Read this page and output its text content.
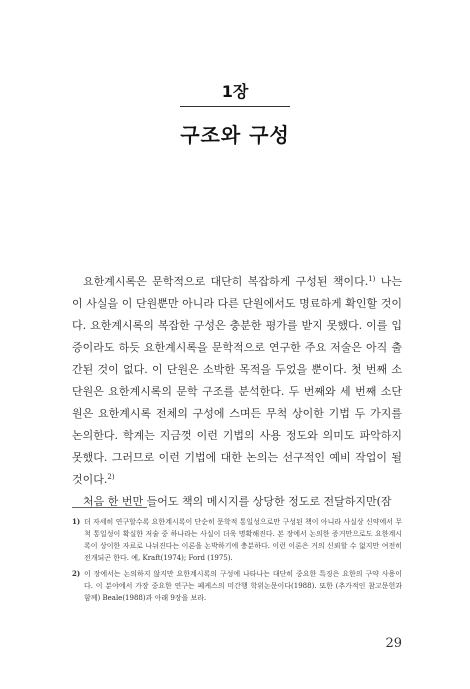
1장
구조와 구성

요한계시록은 문학적으로 대단히 복잡하게 구성된 책이다.$^{1)}$ 나는 이 사실을 이 단원뿐만 아니라 다른 단원에서도 명료하게 확인할 것이다. 요한계시록의 복잡한 구성은 충분한 평가를 받지 못했다. 이를 입증이라도 하듯 요한계시록을 문학적으로 연구한 주요 저술은 아직 출간된 것이 없다. 이 단원은 소박한 목적을 두었을 뿐이다. 첫 번째 소단원은 요한계시록의 문학 구조를 분석한다. 두 번째와 세 번째 소단원은 요한계시록 전체의 구성에 스며든 무척 상이한 기법 두 가지를 논의한다. 학계는 지금껏 이런 기법의 사용 정도와 의미도 파악하지 못했다. 그러므로 이런 기법에 대한 논의는 선구적인 예비 작업이 될 것이다.$^{2)}$

처음 한 번만 들어도 책의 메시지를 상당한 정도로 전달하지만(잠

1) 더 자세히 연구할수록 요한계시록이 단순히 문학적 통일성으로만 구성된 책이 아니라 사실상 신약에서 무척 통일성이 확실한 저술 중 하나라는 사실이 더욱 명확해진다. 본 장에서 논의한 증거만으로도 요한계시록이 상이한 자료로 나뉘진다는 이론을 논박하기에 충분하다. 이런 이론은 거의 신뢰할 수 없지만 여전히 전개되곤 한다. 예, Kraft(1974); Ford (1975).
2) 이 장에서는 논의하지 않지만 요한계시록의 구성에 나타나는 대단히 중요한 특징은 요한의 구약 사용이다. 이 분야에서 가장 중요한 연구는 페케스의 미간행 학위논문이다(1988). 또한 (추가적인 참고문헌과 함께) Beale(1988)과 아래 9장을 보라.
29
